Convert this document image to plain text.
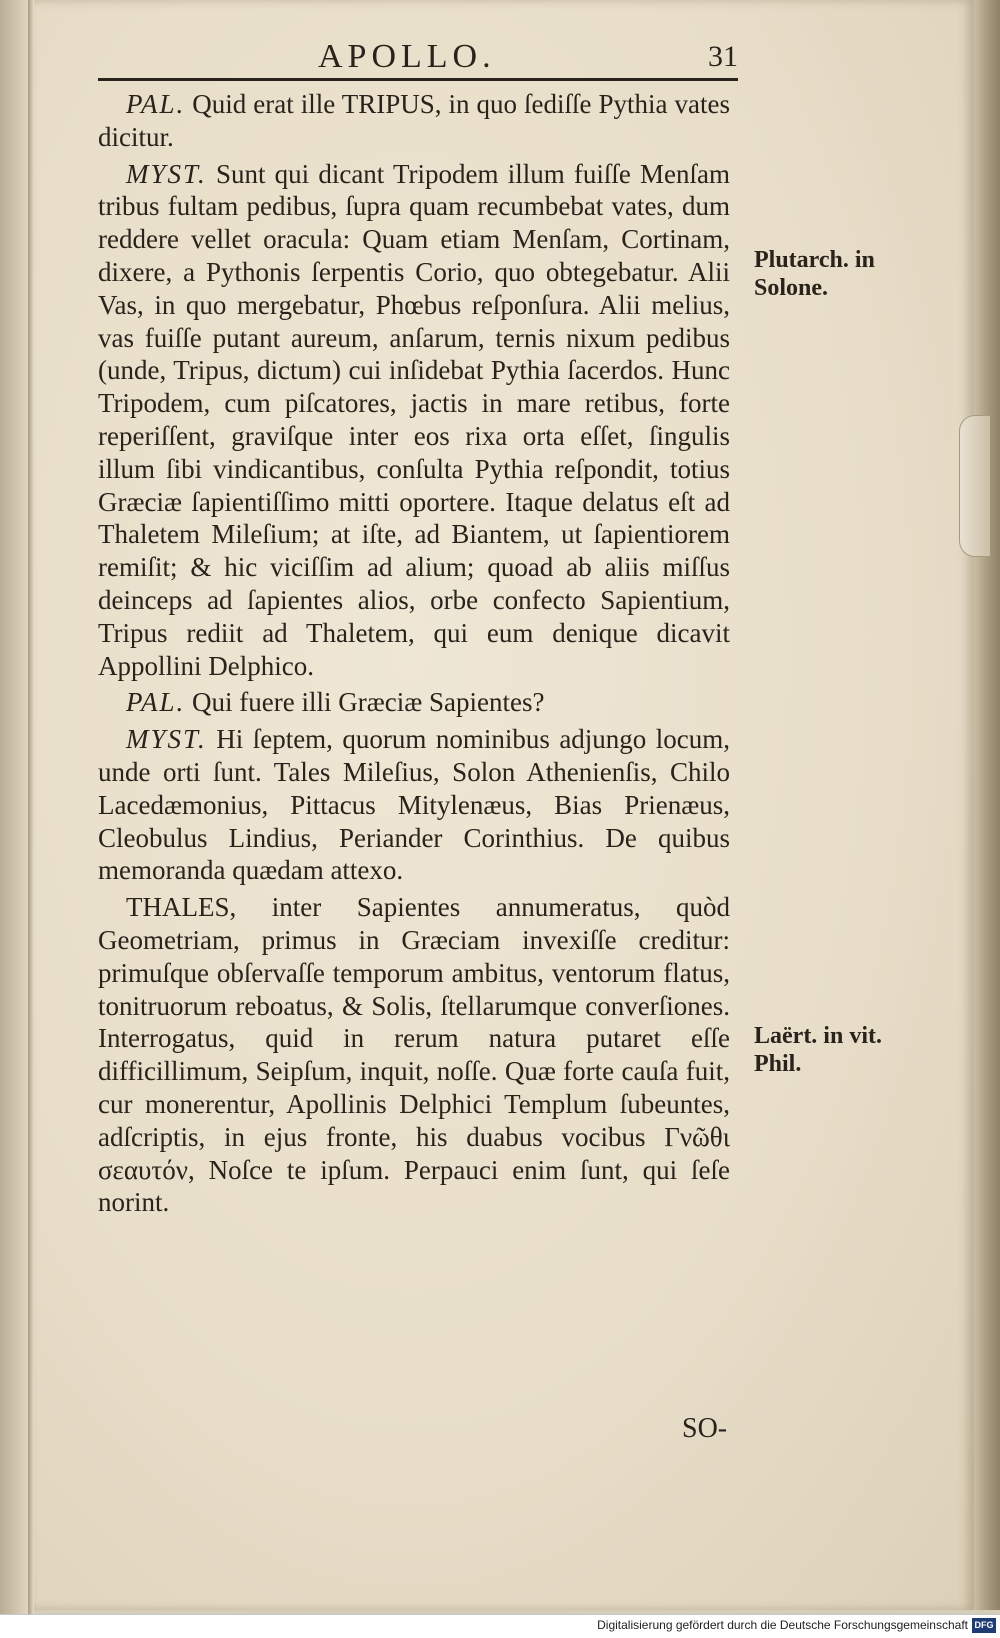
APOLLO.	31

PAL. Quid erat ille TRIPUS, in quo ſediſſe Pythia vates dicitur.

MYST. Sunt qui dicant Tripodem illum fuiſſe Menſam tribus fultam pedibus, ſupra quam recumbebat vates, dum reddere vellet oracula: Quam etiam Menſam, Cortinam, dixere, a Pythonis ſerpentis Corio, quo obtegebatur. Alii Vas, in quo mergebatur, Phœbus reſponſura. Alii melius, vas fuiſſe putant aureum, anſarum, ternis nixum pedibus (unde, Tripus, dictum) cui inſidebat Pythia ſacerdos. Hunc Tripodem, cum piſcatores, jactis in mare retibus, forte reperiſſent, graviſque inter eos rixa orta eſſet, ſingulis illum ſibi vindicantibus, conſulta Pythia reſpondit, totius Græciæ ſapientiſſimo mitti oportere. Itaque delatus eſt ad Thaletem Mileſium; at iſte, ad Biantem, ut ſapientiorem remiſit; & hic viciſſim ad alium; quoad ab aliis miſſus deinceps ad ſapientes alios, orbe confecto Sapientium, Tripus rediit ad Thaletem, qui eum denique dicavit Appollini Delphico.

PAL. Qui fuere illi Græciæ Sapientes?

MYST. Hi ſeptem, quorum nominibus adjungo locum, unde orti ſunt. Tales Mileſius, Solon Athenienſis, Chilo Lacedæmonius, Pittacus Mitylenæus, Bias Prienæus, Cleobulus Lindius, Periander Corinthius. De quibus memoranda quædam attexo.

THALES, inter Sapientes annumeratus, quòd Geometriam, primus in Græciam invexiſſe creditur: primuſque obſervaſſe temporum ambitus, ventorum flatus, tonitruorum reboatus, & Solis, ſtellarumque converſiones. Interrogatus, quid in rerum natura putaret eſſe difficillimum, Seipſum, inquit, noſſe. Quæ forte cauſa fuit, cur monerentur, Apollinis Delphici Templum ſubeuntes, adſcriptis, in ejus fronte, his duabus vocibus Γνῶθι σεαυτόν, Noſce te ipſum. Perpauci enim ſunt, qui ſeſe norint.

Plutarch. in Solone.
Laërt. in vit. Phil.
SO-
Digitalisierung gefördert durch die Deutsche Forschungsgemeinschaft DFG
